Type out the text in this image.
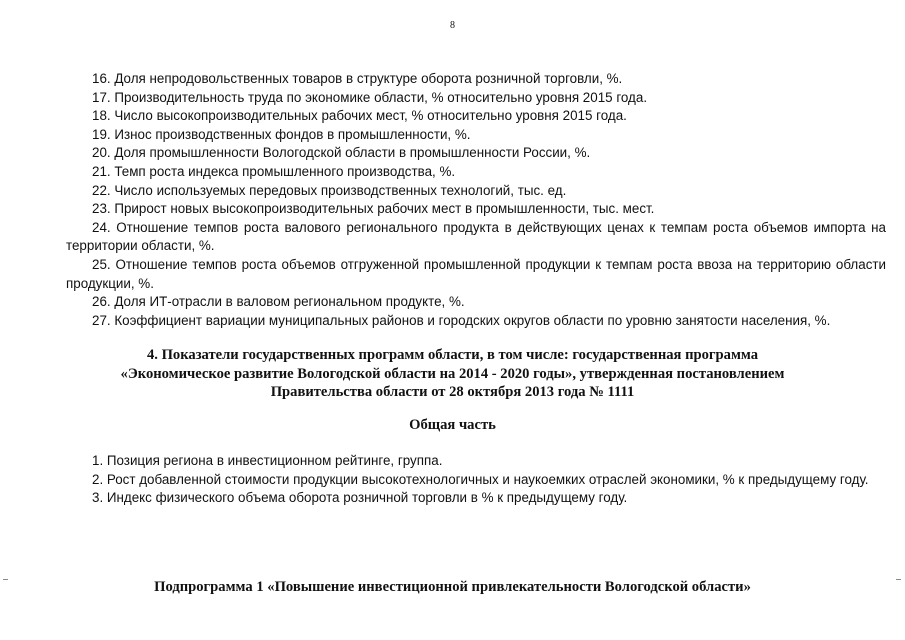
8

16. Доля непродовольственных товаров в структуре оборота розничной торговли, %.

17. Производительность труда по экономике области, % относительно уровня 2015 года.

18. Число высокопроизводительных рабочих мест, % относительно уровня 2015 года.

19. Износ производственных фондов в промышленности, %.

20. Доля промышленности Вологодской области в промышленности России, %.

21. Темп роста индекса промышленного производства, %.

22. Число используемых передовых производственных технологий, тыс. ед.

23. Прирост новых высокопроизводительных рабочих мест в промышленности, тыс. мест.

24. Отношение темпов роста валового регионального продукта в действующих ценах к темпам роста объемов импорта на территории области, %.

25. Отношение темпов роста объемов отгруженной промышленной продукции к темпам роста ввоза на территорию области продукции, %.

26. Доля ИТ-отрасли в валовом региональном продукте, %.

27. Коэффициент вариации муниципальных районов и городских округов области по уровню занятости населения, %.

4. Показатели государственных программ области, в том числе: государственная программа
«Экономическое развитие Вологодской области на 2014 - 2020 годы», утвержденная постановлением
Правительства области от 28 октября 2013 года № 1111
Общая часть

1. Позиция региона в инвестиционном рейтинге, группа.

2. Рост добавленной стоимости продукции высокотехнологичных и наукоемких отраслей экономики, % к предыдущему году.

3. Индекс физического объема оборота розничной торговли в % к предыдущему году.

Подпрограмма 1 «Повышение инвестиционной привлекательности Вологодской области»
